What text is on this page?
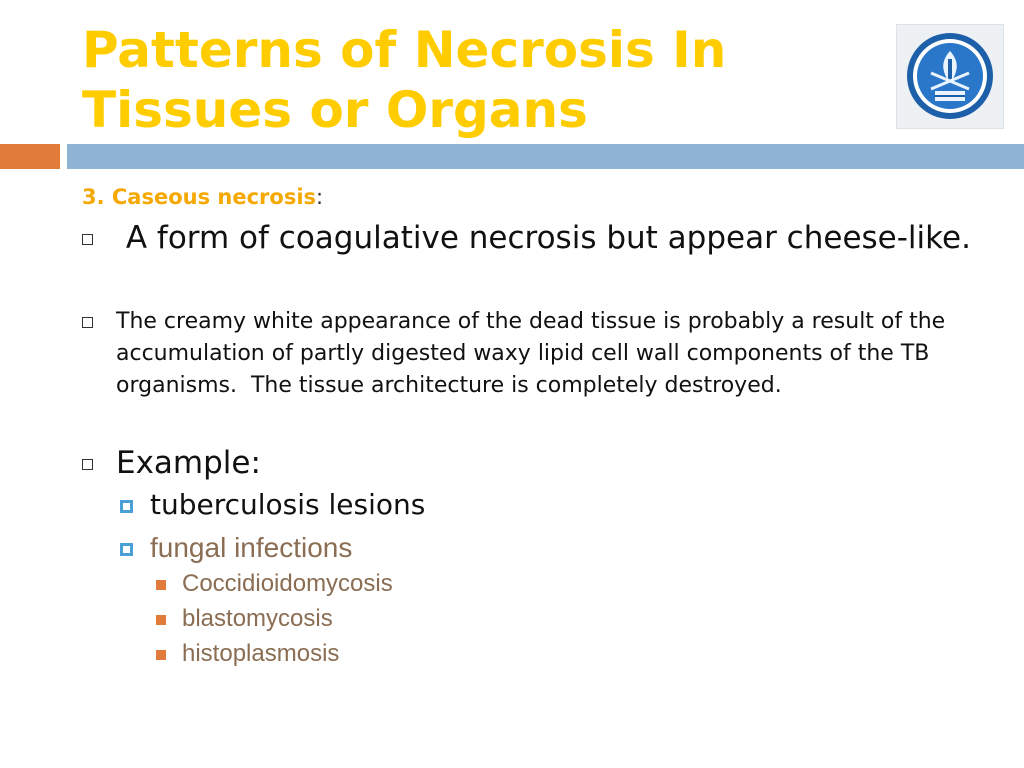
Patterns of Necrosis In Tissues or Organs
3. Caseous necrosis:
A form of coagulative necrosis but appear cheese-like.
The creamy white appearance of the dead tissue is probably a result of the accumulation of partly digested waxy lipid cell wall components of the TB organisms.  The tissue architecture is completely destroyed.
Example:
tuberculosis lesions
fungal infections
Coccidioidomycosis
blastomycosis
histoplasmosis
